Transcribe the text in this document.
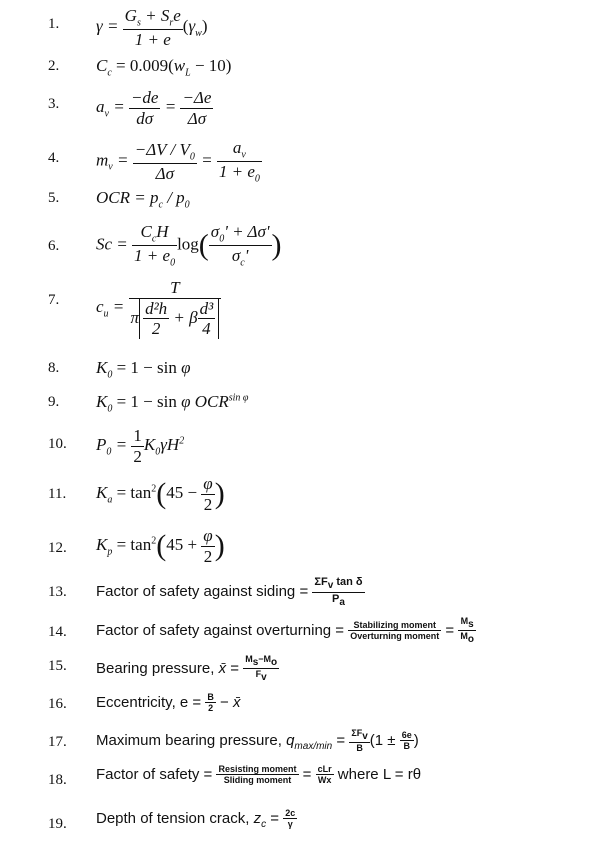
1. $\gamma = \frac{G_s + S_re}{1 + e} (\gamma_w)$
2. $C_c = 0.009(w_L - 10)$
3. $a_v = \frac{-de}{d\sigma} = \frac{-\Delta e}{\Delta\sigma}$
4. $m_v = \frac{-\Delta V / V_0}{\Delta\sigma} = \frac{a_v}{1 + e_0}$
5. OCR = $p_c / p_0$
6. $Sc = \frac{C_cH}{1 + e_0} \log( \frac{\sigma_0' + \Delta\sigma'}{\sigma_c'}$ )
7. $c_u = \frac{T}{\pi \frac{\text{d²h}}{2} + \beta \frac{\text{d³}}{4}}$
8. $K_0 = 1 - \sin \varphi$
9. $K_0 = 1 - \sin \varphi$ $OCR^{sin \varphi}$
10. $P_0 = \frac{1}{2} K_0\gamma H^2$
11. $K_a = \tan^2(45 - \frac{\varphi}{2}$ )
12. $K_p = \tan^2(45 + \frac{\varphi}{2}$ )
13. Factor of safety against siding = $\frac{\Sigma F_v \tan \delta}{P_a}$
14. Factor of safety against overturning = $\frac{\text{Stabilizing moment}}{\text{Overturning moment}} = \frac{M_s}{M_o}$
15. Bearing pressure, x̄ = $\frac{M_s-M_o}{F_v}$
16. Eccentricity, $e = \frac{B}{2}$ − x̄
17. Maximum bearing pressure, $q_{max/min} = \frac{\Sigma F_v}{B} (1 \pm \frac{6e}{B}$ )
18. Factor of safety = $\frac{\text{Resisting moment}}{\text{Sliding moment}} = \frac{\text{cLr}}{Wx}$ where L = rθ
19. Depth of tension crack, $z_c = \frac{2c}{\gamma}$
